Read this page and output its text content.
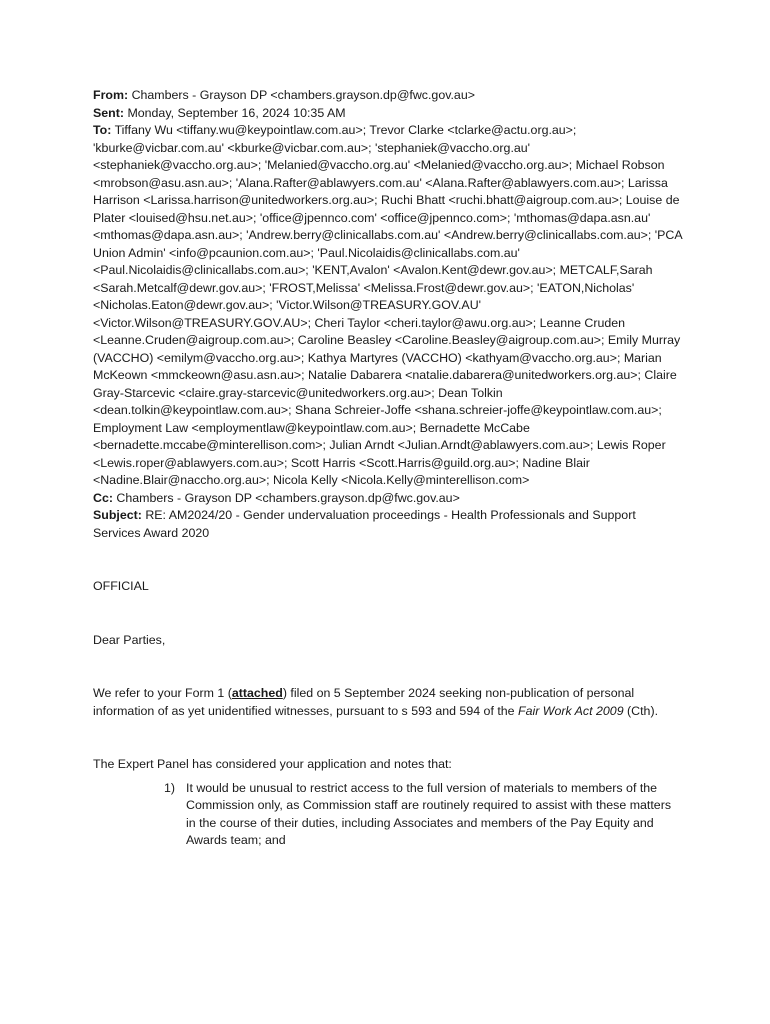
From: Chambers - Grayson DP <chambers.grayson.dp@fwc.gov.au>

Sent: Monday, September 16, 2024 10:35 AM

To: Tiffany Wu <tiffany.wu@keypointlaw.com.au>; Trevor Clarke <tclarke@actu.org.au>; 'kburke@vicbar.com.au' <kburke@vicbar.com.au>; 'stephaniek@vaccho.org.au' <stephaniek@vaccho.org.au>; 'Melanied@vaccho.org.au' <Melanied@vaccho.org.au>; Michael Robson <mrobson@asu.asn.au>; 'Alana.Rafter@ablawyers.com.au' <Alana.Rafter@ablawyers.com.au>; Larissa Harrison <Larissa.harrison@unitedworkers.org.au>; Ruchi Bhatt <ruchi.bhatt@aigroup.com.au>; Louise de Plater <louised@hsu.net.au>; 'office@jpennco.com' <office@jpennco.com>; 'mthomas@dapa.asn.au' <mthomas@dapa.asn.au>; 'Andrew.berry@clinicallabs.com.au' <Andrew.berry@clinicallabs.com.au>; 'PCA Union Admin' <info@pcaunion.com.au>; 'Paul.Nicolaidis@clinicallabs.com.au' <Paul.Nicolaidis@clinicallabs.com.au>; 'KENT,Avalon' <Avalon.Kent@dewr.gov.au>; METCALF,Sarah <Sarah.Metcalf@dewr.gov.au>; 'FROST,Melissa' <Melissa.Frost@dewr.gov.au>; 'EATON,Nicholas' <Nicholas.Eaton@dewr.gov.au>; 'Victor.Wilson@TREASURY.GOV.AU' <Victor.Wilson@TREASURY.GOV.AU>; Cheri Taylor <cheri.taylor@awu.org.au>; Leanne Cruden <Leanne.Cruden@aigroup.com.au>; Caroline Beasley <Caroline.Beasley@aigroup.com.au>; Emily Murray (VACCHO) <emilym@vaccho.org.au>; Kathya Martyres (VACCHO) <kathyam@vaccho.org.au>; Marian McKeown <mmckeown@asu.asn.au>; Natalie Dabarera <natalie.dabarera@unitedworkers.org.au>; Claire Gray-Starcevic <claire.gray-starcevic@unitedworkers.org.au>; Dean Tolkin <dean.tolkin@keypointlaw.com.au>; Shana Schreier-Joffe <shana.schreier-joffe@keypointlaw.com.au>; Employment Law <employmentlaw@keypointlaw.com.au>; Bernadette McCabe <bernadette.mccabe@minterellison.com>; Julian Arndt <Julian.Arndt@ablawyers.com.au>; Lewis Roper <Lewis.roper@ablawyers.com.au>; Scott Harris <Scott.Harris@guild.org.au>; Nadine Blair <Nadine.Blair@naccho.org.au>; Nicola Kelly <Nicola.Kelly@minterellison.com>

Cc: Chambers - Grayson DP <chambers.grayson.dp@fwc.gov.au>

Subject: RE: AM2024/20 - Gender undervaluation proceedings - Health Professionals and Support Services Award 2020

OFFICIAL

Dear Parties,

We refer to your Form 1 (attached) filed on 5 September 2024 seeking non-publication of personal information of as yet unidentified witnesses, pursuant to s 593 and 594 of the Fair Work Act 2009 (Cth).

The Expert Panel has considered your application and notes that:

1) It would be unusual to restrict access to the full version of materials to members of the Commission only, as Commission staff are routinely required to assist with these matters in the course of their duties, including Associates and members of the Pay Equity and Awards team; and
